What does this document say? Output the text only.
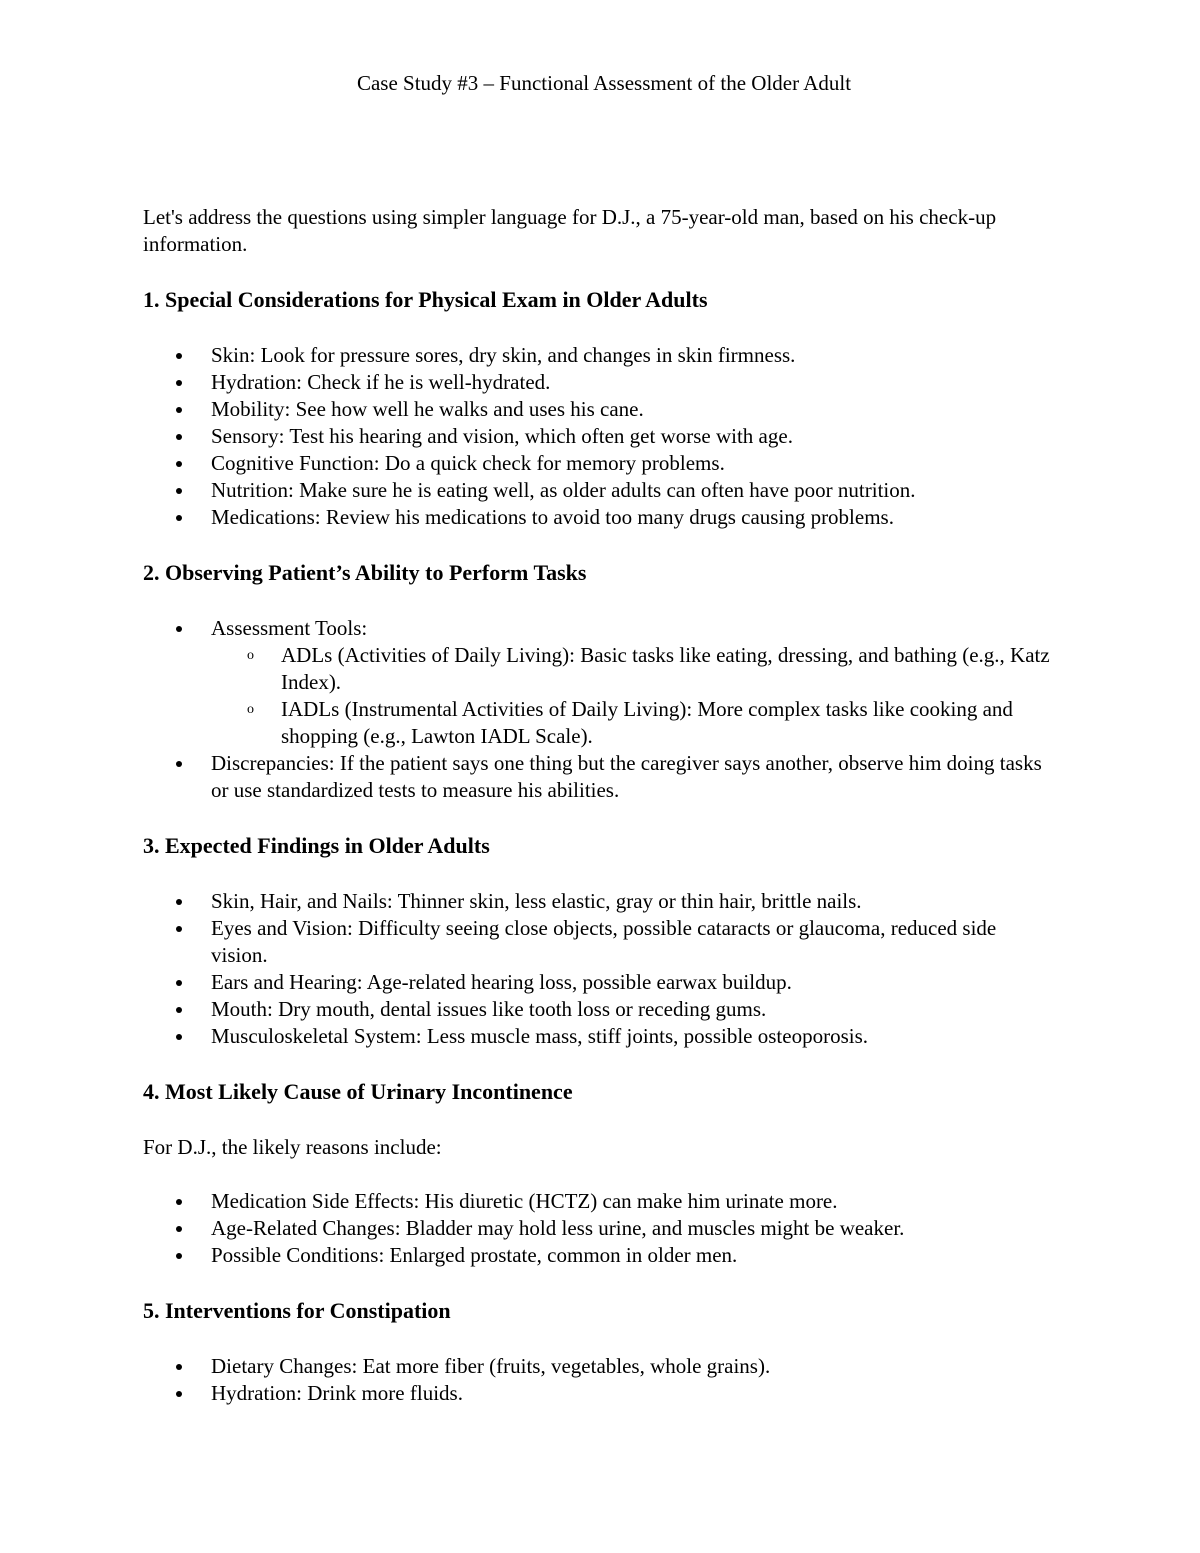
Case Study #3 – Functional Assessment of the Older Adult

Let's address the questions using simpler language for D.J., a 75-year-old man, based on his check-up information.

1. Special Considerations for Physical Exam in Older Adults
Skin: Look for pressure sores, dry skin, and changes in skin firmness.
Hydration: Check if he is well-hydrated.
Mobility: See how well he walks and uses his cane.
Sensory: Test his hearing and vision, which often get worse with age.
Cognitive Function: Do a quick check for memory problems.
Nutrition: Make sure he is eating well, as older adults can often have poor nutrition.
Medications: Review his medications to avoid too many drugs causing problems.
2. Observing Patient’s Ability to Perform Tasks
Assessment Tools:
o ADLs (Activities of Daily Living): Basic tasks like eating, dressing, and bathing (e.g., Katz Index).
o IADLs (Instrumental Activities of Daily Living): More complex tasks like cooking and shopping (e.g., Lawton IADL Scale).
Discrepancies: If the patient says one thing but the caregiver says another, observe him doing tasks or use standardized tests to measure his abilities.
3. Expected Findings in Older Adults
Skin, Hair, and Nails: Thinner skin, less elastic, gray or thin hair, brittle nails.
Eyes and Vision: Difficulty seeing close objects, possible cataracts or glaucoma, reduced side vision.
Ears and Hearing: Age-related hearing loss, possible earwax buildup.
Mouth: Dry mouth, dental issues like tooth loss or receding gums.
Musculoskeletal System: Less muscle mass, stiff joints, possible osteoporosis.
4. Most Likely Cause of Urinary Incontinence

For D.J., the likely reasons include:

Medication Side Effects: His diuretic (HCTZ) can make him urinate more.
Age-Related Changes: Bladder may hold less urine, and muscles might be weaker.
Possible Conditions: Enlarged prostate, common in older men.
5. Interventions for Constipation
Dietary Changes: Eat more fiber (fruits, vegetables, whole grains).
Hydration: Drink more fluids.
